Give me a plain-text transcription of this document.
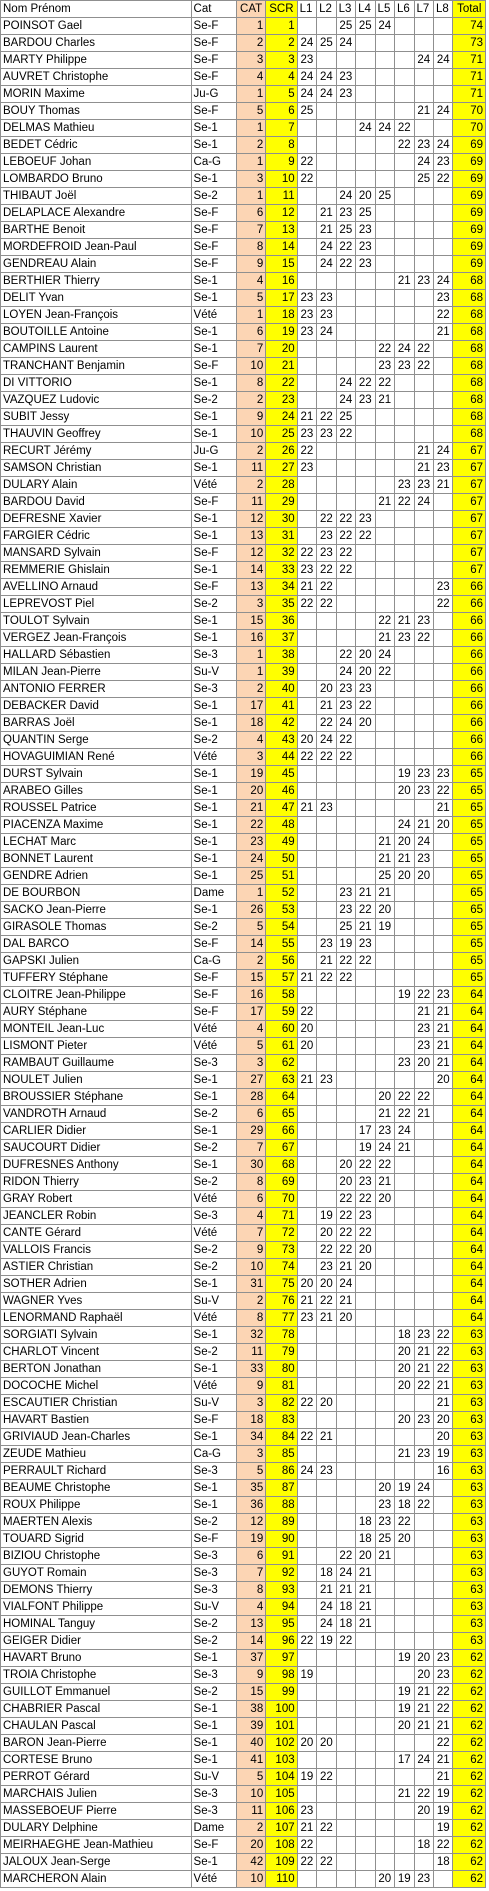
Nom Prénom	Cat	CAT	SCR	L1	L2	L3	L4	L5	L6	L7	L8	Total
POINSOT Gael	Se-F	1	1			25	25	24				74
BARDOU Charles	Se-F	2	2	24	25	24						73
MARTY Philippe	Se-F	3	3	23						24	24	71
AUVRET Christophe	Se-F	4	4	24	24	23						71
MORIN Maxime	Ju-G	1	5	24	24	23						71
BOUY Thomas	Se-F	5	6	25						21	24	70
DELMAS Mathieu	Se-1	1	7				24	24	22			70
BEDET Cédric	Se-1	2	8						22	23	24	69
LEBOEUF Johan	Ca-G	1	9	22						24	23	69
LOMBARDO Bruno	Se-1	3	10	22						25	22	69
THIBAUT Joël	Se-2	1	11			24	20	25				69
DELAPLACE Alexandre	Se-F	6	12		21	23	25					69
BARTHE Benoit	Se-F	7	13		21	25	23					69
MORDEFROID Jean-Paul	Se-F	8	14		24	22	23					69
GENDREAU Alain	Se-F	9	15		24	22	23					69
BERTHIER Thierry	Se-1	4	16						21	23	24	68
DELIT Yvan	Se-1	5	17	23	23						23	68
LOYEN Jean-François	Vété	1	18	23	23						22	68
BOUTOILLE Antoine	Se-1	6	19	23	24						21	68
CAMPINS Laurent	Se-1	7	20					22	24	22		68
TRANCHANT Benjamin	Se-F	10	21					23	23	22		68
DI VITTORIO	Se-1	8	22			24	22	22				68
VAZQUEZ Ludovic	Se-2	2	23			24	23	21				68
SUBIT Jessy	Se-1	9	24	21	22	25						68
THAUVIN Geoffrey	Se-1	10	25	23	23	22						68
RECURT Jérémy	Ju-G	2	26	22						21	24	67
SAMSON Christian	Se-1	11	27	23						21	23	67
DULARY Alain	Vété	2	28						23	23	21	67
BARDOU David	Se-F	11	29					21	22	24		67
DEFRESNE Xavier	Se-1	12	30		22	22	23					67
FARGIER Cédric	Se-1	13	31		23	22	22					67
MANSARD Sylvain	Se-F	12	32	22	23	22						67
REMMERIE Ghislain	Se-1	14	33	23	22	22						67
AVELLINO Arnaud	Se-F	13	34	21	22						23	66
LEPREVOST Piel	Se-2	3	35	22	22						22	66
TOULOT Sylvain	Se-1	15	36					22	21	23		66
VERGEZ Jean-François	Se-1	16	37					21	23	22		66
HALLARD Sébastien	Se-3	1	38			22	20	24				66
MILAN Jean-Pierre	Su-V	1	39			24	20	22				66
ANTONIO FERRER	Se-3	2	40		20	23	23					66
DEBACKER David	Se-1	17	41		21	23	22					66
BARRAS Joël	Se-1	18	42		22	24	20					66
QUANTIN Serge	Se-2	4	43	20	24	22						66
HOVAGUIMIAN René	Vété	3	44	22	22	22						66
DURST Sylvain	Se-1	19	45						19	23	23	65
ARABEO Gilles	Se-1	20	46						20	23	22	65
ROUSSEL Patrice	Se-1	21	47	21	23						21	65
PIACENZA Maxime	Se-1	22	48						24	21	20	65
LECHAT Marc	Se-1	23	49					21	20	24		65
BONNET Laurent	Se-1	24	50					21	21	23		65
GENDRE Adrien	Se-1	25	51					25	20	20		65
DE BOURBON	Dame	1	52			23	21	21				65
SACKO Jean-Pierre	Se-1	26	53			23	22	20				65
GIRASOLE Thomas	Se-2	5	54			25	21	19				65
DAL BARCO	Se-F	14	55		23	19	23					65
GAPSKI Julien	Ca-G	2	56		21	22	22					65
TUFFERY Stéphane	Se-F	15	57	21	22	22						65
CLOITRE Jean-Philippe	Se-F	16	58						19	22	23	64
AURY Stéphane	Se-F	17	59	22						21	21	64
MONTEIL Jean-Luc	Vété	4	60	20						23	21	64
LISMONT Pieter	Vété	5	61	20						23	21	64
RAMBAUT Guillaume	Se-3	3	62						23	20	21	64
NOULET Julien	Se-1	27	63	21	23						20	64
BROUSSIER Stéphane	Se-1	28	64					20	22	22		64
VANDROTH Arnaud	Se-2	6	65					21	22	21		64
CARLIER Didier	Se-1	29	66				17	23	24			64
SAUCOURT Didier	Se-2	7	67				19	24	21			64
DUFRESNES Anthony	Se-1	30	68			20	22	22				64
RIDON Thierry	Se-2	8	69			20	23	21				64
GRAY Robert	Vété	6	70			22	22	20				64
JEANCLER Robin	Se-3	4	71		19	22	23					64
CANTE Gérard	Vété	7	72		20	22	22					64
VALLOIS Francis	Se-2	9	73		22	22	20					64
ASTIER Christian	Se-2	10	74		23	21	20					64
SOTHER Adrien	Se-1	31	75	20	20	24						64
WAGNER Yves	Su-V	2	76	21	22	21						64
LENORMAND Raphaël	Vété	8	77	23	21	20						64
SORGIATI Sylvain	Se-1	32	78						18	23	22	63
CHARLOT Vincent	Se-2	11	79						20	21	22	63
BERTON Jonathan	Se-1	33	80						20	21	22	63
DOCOCHE Michel	Vété	9	81						20	22	21	63
ESCAUTIER Christian	Su-V	3	82	22	20						21	63
HAVART Bastien	Se-F	18	83						20	23	20	63
GRIVIAUD Jean-Charles	Se-1	34	84	22	21						20	63
ZEUDE Mathieu	Ca-G	3	85						21	23	19	63
PERRAULT Richard	Se-3	5	86	24	23						16	63
BEAUME Christophe	Se-1	35	87					20	19	24		63
ROUX Philippe	Se-1	36	88					23	18	22		63
MAERTEN Alexis	Se-2	12	89				18	23	22			63
TOUARD Sigrid	Se-F	19	90				18	25	20			63
BIZIOU Christophe	Se-3	6	91			22	20	21				63
GUYOT Romain	Se-3	7	92		18	24	21					63
DEMONS Thierry	Se-3	8	93		21	21	21					63
VIALFONT Philippe	Su-V	4	94		24	18	21					63
HOMINAL Tanguy	Se-2	13	95		24	18	21					63
GEIGER Didier	Se-2	14	96	22	19	22						63
HAVART Bruno	Se-1	37	97						19	20	23	62
TROIA Christophe	Se-3	9	98	19						20	23	62
GUILLOT Emmanuel	Se-2	15	99						19	21	22	62
CHABRIER Pascal	Se-1	38	100						19	21	22	62
CHAULAN Pascal	Se-1	39	101						20	21	21	62
BARON Jean-Pierre	Se-1	40	102	20	20						22	62
CORTESE Bruno	Se-1	41	103						17	24	21	62
PERROT Gérard	Su-V	5	104	19	22						21	62
MARCHAIS Julien	Se-3	10	105						21	22	19	62
MASSEBOEUF Pierre	Se-3	11	106	23						20	19	62
DULARY Delphine	Dame	2	107	21	22						19	62
MEIRHAEGHE Jean-Mathieu	Se-F	20	108	22						18	22	62
JALOUX Jean-Serge	Se-1	42	109	22	22						18	62
MARCHERON Alain	Vété	10	110					20	19	23		62
